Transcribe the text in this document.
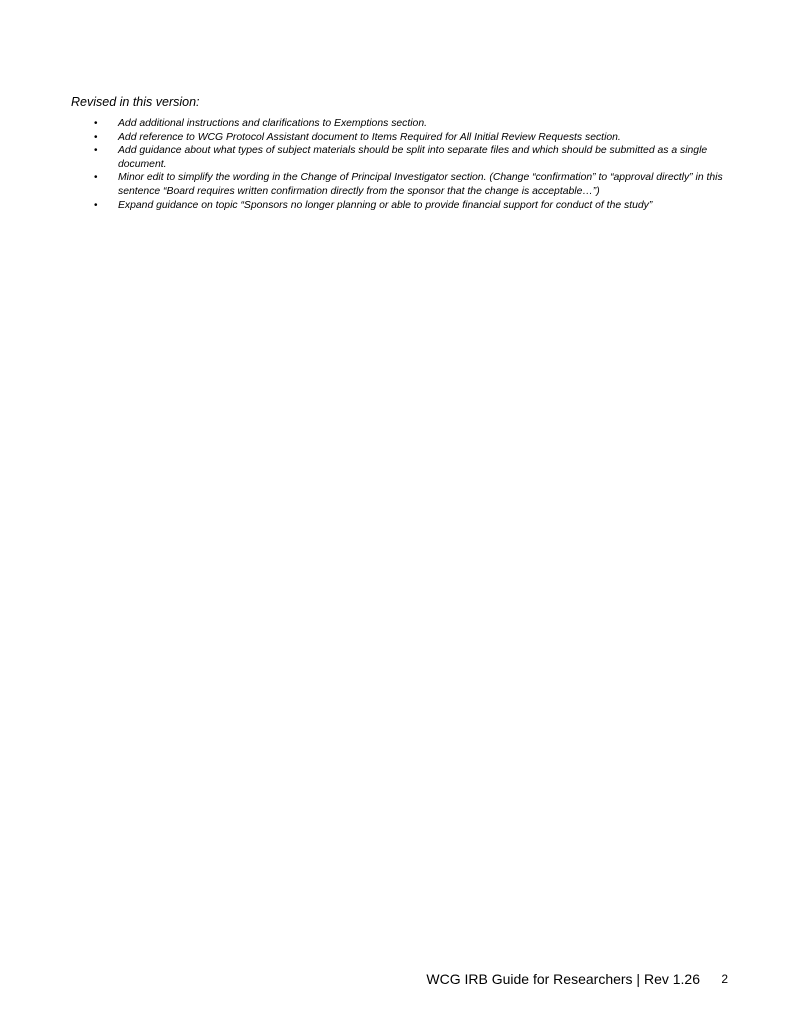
Revised in this version:

• Add additional instructions and clarifications to Exemptions section.
• Add reference to WCG Protocol Assistant document to Items Required for All Initial Review Requests section.
• Add guidance about what types of subject materials should be split into separate files and which should be submitted as a single document.
• Minor edit to simplify the wording in the Change of Principal Investigator section. (Change “confirmation” to “approval directly” in this sentence “Board requires written confirmation directly from the sponsor that the change is acceptable…”)
• Expand guidance on topic “Sponsors no longer planning or able to provide financial support for conduct of the study”
WCG IRB Guide for Researchers | Rev 1.26 2
